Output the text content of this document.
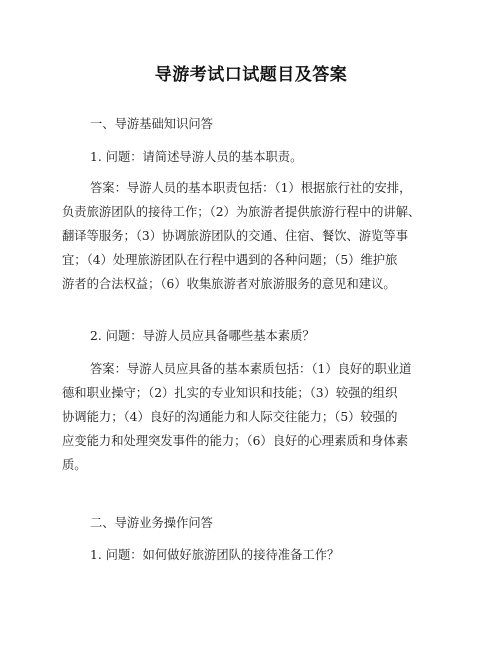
导游考试口试题目及答案
一、导游基础知识问答
1. 问题：请简述导游人员的基本职责。
答案：导游人员的基本职责包括：（1）根据旅行社的安排，
负责旅游团队的接待工作；（2）为旅游者提供旅游行程中的讲解、
翻译等服务；（3）协调旅游团队的交通、住宿、餐饮、游览等事
宜；（4）处理旅游团队在行程中遇到的各种问题；（5）维护旅
游者的合法权益；（6）收集旅游者对旅游服务的意见和建议。
2. 问题：导游人员应具备哪些基本素质？
答案：导游人员应具备的基本素质包括：（1）良好的职业道
德和职业操守；（2）扎实的专业知识和技能；（3）较强的组织
协调能力；（4）良好的沟通能力和人际交往能力；（5）较强的
应变能力和处理突发事件的能力；（6）良好的心理素质和身体素
质。
二、导游业务操作问答
1. 问题：如何做好旅游团队的接待准备工作？
